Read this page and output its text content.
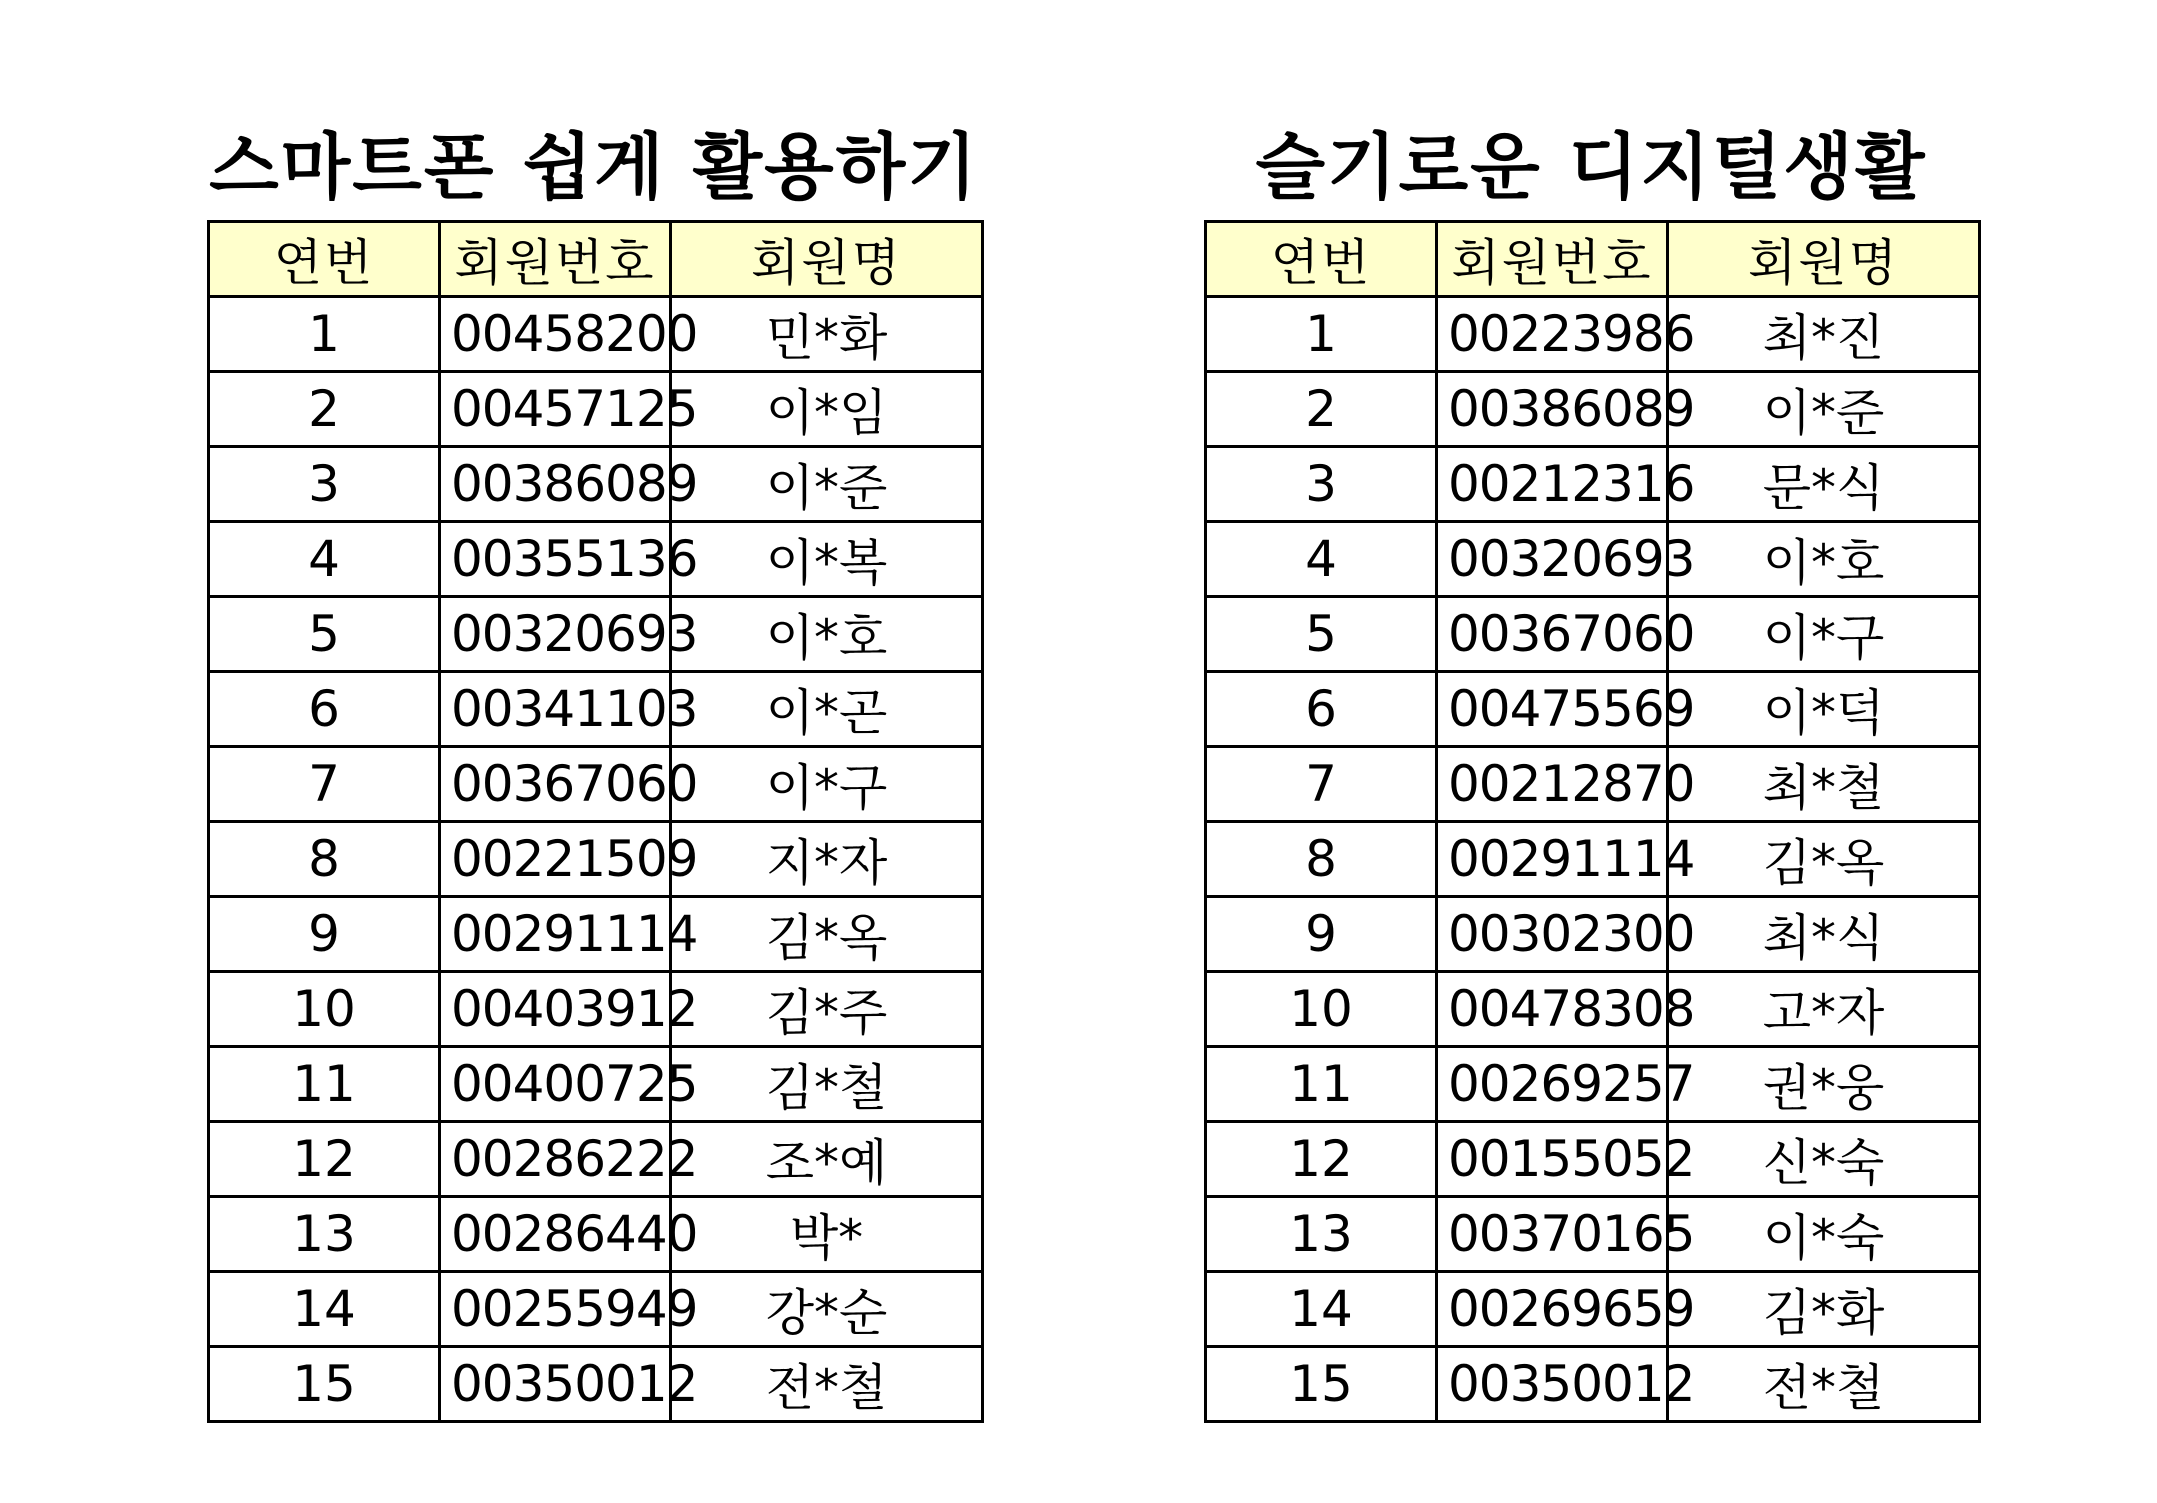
스마트폰 쉽게 활용하기
연번	회원번호	회원명
1	00458200	민*화
2	00457125	이*임
3	00386089	이*준
4	00355136	이*복
5	00320693	이*호
6	00341103	이*곤
7	00367060	이*구
8	00221509	지*자
9	00291114	김*옥
10	00403912	김*주
11	00400725	김*철
12	00286222	조*예
13	00286440	박*
14	00255949	강*순
15	00350012	전*철
슬기로운 디지털생활
연번	회원번호	회원명
1	00223986	최*진
2	00386089	이*준
3	00212316	문*식
4	00320693	이*호
5	00367060	이*구
6	00475569	이*덕
7	00212870	최*철
8	00291114	김*옥
9	00302300	최*식
10	00478308	고*자
11	00269257	권*웅
12	00155052	신*숙
13	00370165	이*숙
14	00269659	김*화
15	00350012	전*철
